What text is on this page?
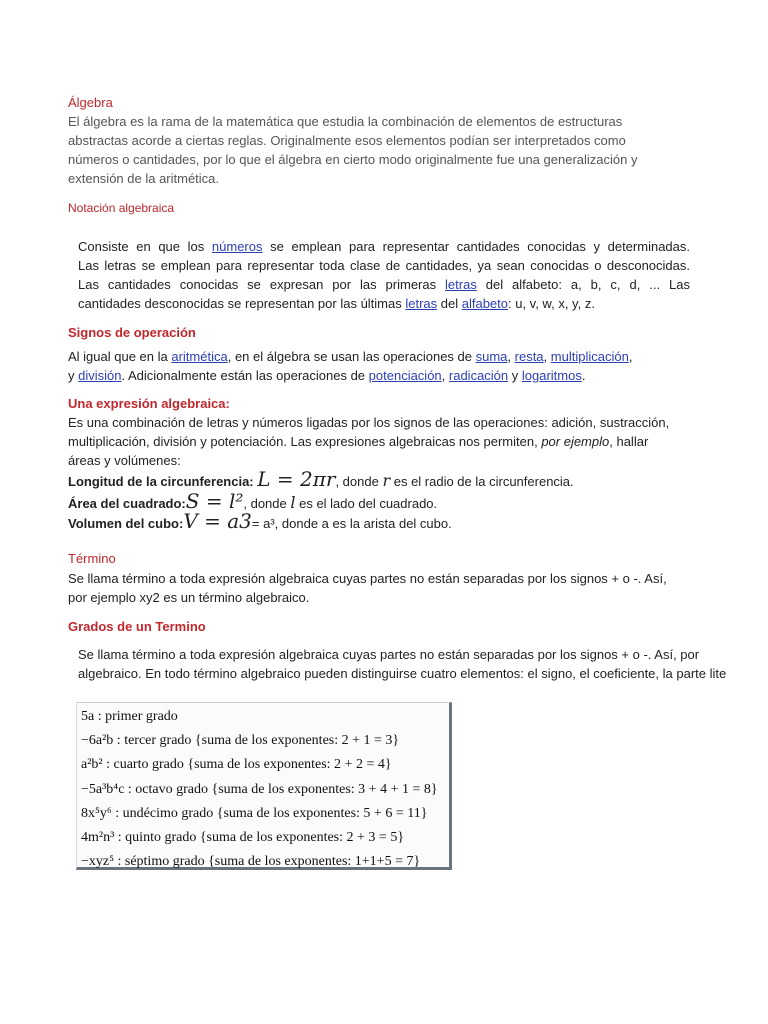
Álgebra

El álgebra es la rama de la matemática que estudia la combinación de elementos de estructuras
abstractas acorde a ciertas reglas. Originalmente esos elementos podían ser interpretados como
números o cantidades, por lo que el álgebra en cierto modo originalmente fue una generalización y
extensión de la aritmética.

Notación algebraica

Consiste en que los números se emplean para representar cantidades conocidas y determinadas.
Las letras se emplean para representar toda clase de cantidades, ya sean conocidas o desconocidas.
Las cantidades conocidas se expresan por las primeras letras del alfabeto: a, b, c, d, ... Las
cantidades desconocidas se representan por las últimas letras del alfabeto: u, v, w, x, y, z.

Signos de operación

Al igual que en la aritmética, en el álgebra se usan las operaciones de suma, resta, multiplicación,
y división. Adicionalmente están las operaciones de potenciación, radicación y logaritmos.

Una expresión algebraica:

Es una combinación de letras y números ligadas por los signos de las operaciones: adición, sustracción,
multiplicación, división y potenciación. Las expresiones algebraicas nos permiten, por ejemplo, hallar
áreas y volúmenes:
Longitud de la circunferencia: L = 2πr, donde r es el radio de la circunferencia.
Área del cuadrado:S = l², donde l es el lado del cuadrado.
Volumen del cubo:V = a3= a³, donde a es la arista del cubo.

Término

Se llama término a toda expresión algebraica cuyas partes no están separadas por los signos + o -. Así,
por ejemplo xy2 es un término algebraico.

Grados de un Termino

Se llama término a toda expresión algebraica cuyas partes no están separadas por los signos + o -. Así, por
algebraico. En todo término algebraico pueden distinguirse cuatro elementos: el signo, el coeficiente, la parte lite
5a : primer grado
−6a²b : tercer grado {suma de los exponentes: 2 + 1 = 3}
a²b² : cuarto grado {suma de los exponentes: 2 + 2 = 4}
−5a³b⁴c : octavo grado {suma de los exponentes: 3 + 4 + 1 = 8}
8x⁵y⁶ : undécimo grado {suma de los exponentes: 5 + 6 = 11}
4m²n³ : quinto grado {suma de los exponentes: 2 + 3 = 5}
−xyz⁵ : séptimo grado {suma de los exponentes: 1+1+5 = 7}
